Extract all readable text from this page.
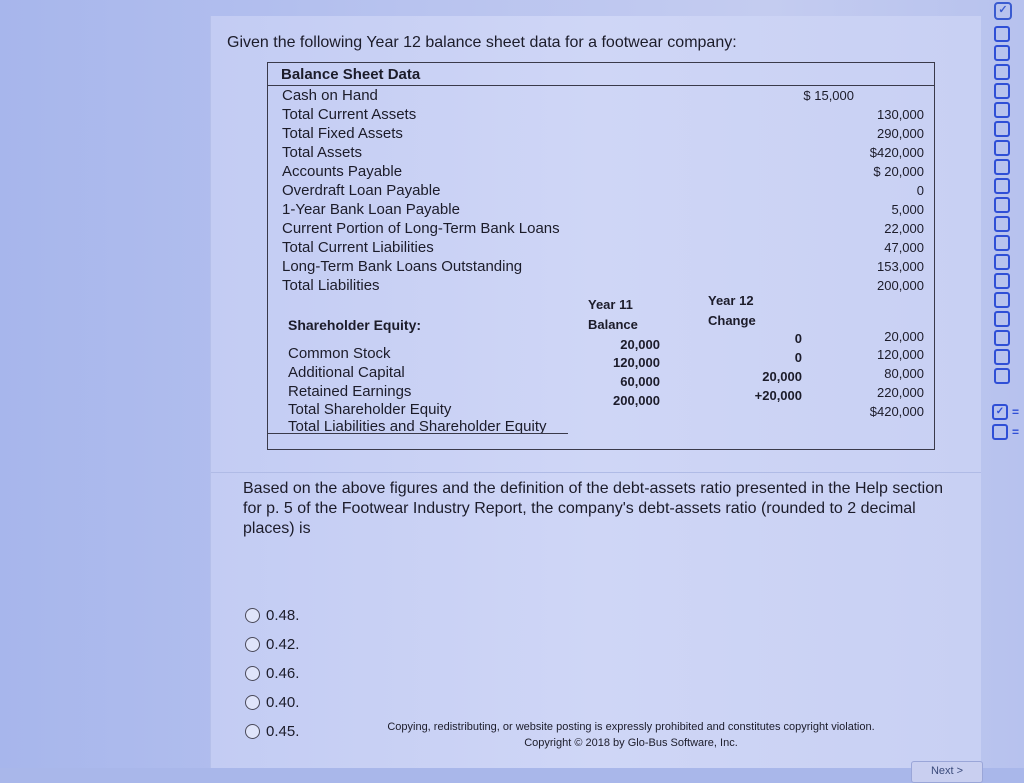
Given the following Year 12 balance sheet data for a footwear company:
Balance Sheet Data
Cash on Hand	$ 15,000
Total Current Assets	130,000
Total Fixed Assets	290,000
Total Assets	$420,000
Accounts Payable	$ 20,000
Overdraft Loan Payable	0
1-Year Bank Loan Payable	5,000
Current Portion of Long-Term Bank Loans	22,000
Total Current Liabilities	47,000
Long-Term Bank Loans Outstanding	153,000
Total Liabilities	200,000
Year 11
Balance
Year 12
Change
Shareholder Equity:
Common Stock
20,000	0	20,000
Additional Capital
120,000	0	120,000
Retained Earnings
60,000	20,000	80,000
Total Shareholder Equity
200,000	+20,000	220,000
Total Liabilities and Shareholder Equity
$420,000
Based on the above figures and the definition of the debt-assets ratio presented in the Help section for p. 5 of the Footwear Industry Report, the company's debt-assets ratio (rounded to 2 decimal places) is
0.48.
0.42.
0.46.
0.40.
0.45.	Copying, redistributing, or website posting is expressly prohibited and constitutes copyright violation.
Copyright © 2018 by Glo-Bus Software, Inc.
Next >
✓
✓ =
=
